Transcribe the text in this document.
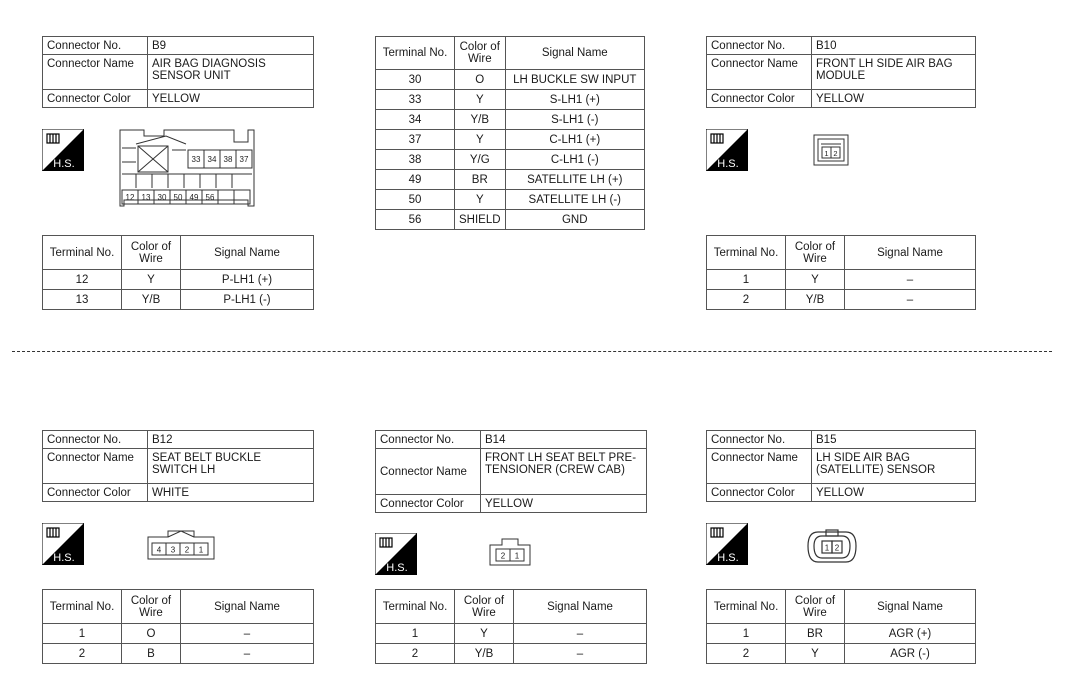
Connector No.	B9
Connector Name	AIR BAG DIAGNOSIS SENSOR UNIT
Connector Color	YELLOW
H.S.	33 34 38 37
12 13 30 50 49 56
Terminal No.	Color of Wire	Signal Name
12	Y	P-LH1 (+)
13	Y/B	P-LH1 (-)
Terminal No.	Color of Wire	Signal Name
30	O	LH BUCKLE SW INPUT
33	Y	S-LH1 (+)
34	Y/B	S-LH1 (-)
37	Y	C-LH1 (+)
38	Y/G	C-LH1 (-)
49	BR	SATELLITE LH (+)
50	Y	SATELLITE LH (-)
56	SHIELD	GND
Connector No.	B10
Connector Name	FRONT LH SIDE AIR BAG MODULE
Connector Color	YELLOW
H.S.
1 2
Terminal No.	Color of Wire	Signal Name
1	Y	–
2	Y/B	–
Connector No.	B12
Connector Name	SEAT BELT BUCKLE SWITCH LH
Connector Color	WHITE
H.S.
4 3 2 1
Terminal No.	Color of Wire	Signal Name
1	O	–
2	B	–
Connector No.	B14
Connector Name	FRONT LH SEAT BELT PRE-TENSIONER (CREW CAB)
Connector Color	YELLOW
H.S.
2 1
Terminal No.	Color of Wire	Signal Name
1	Y	–
2	Y/B	–
Connector No.	B15
Connector Name	LH SIDE AIR BAG (SATELLITE) SENSOR
Connector Color	YELLOW
H.S.
1 2
Terminal No.	Color of Wire	Signal Name
1	BR	AGR (+)
2	Y	AGR (-)
